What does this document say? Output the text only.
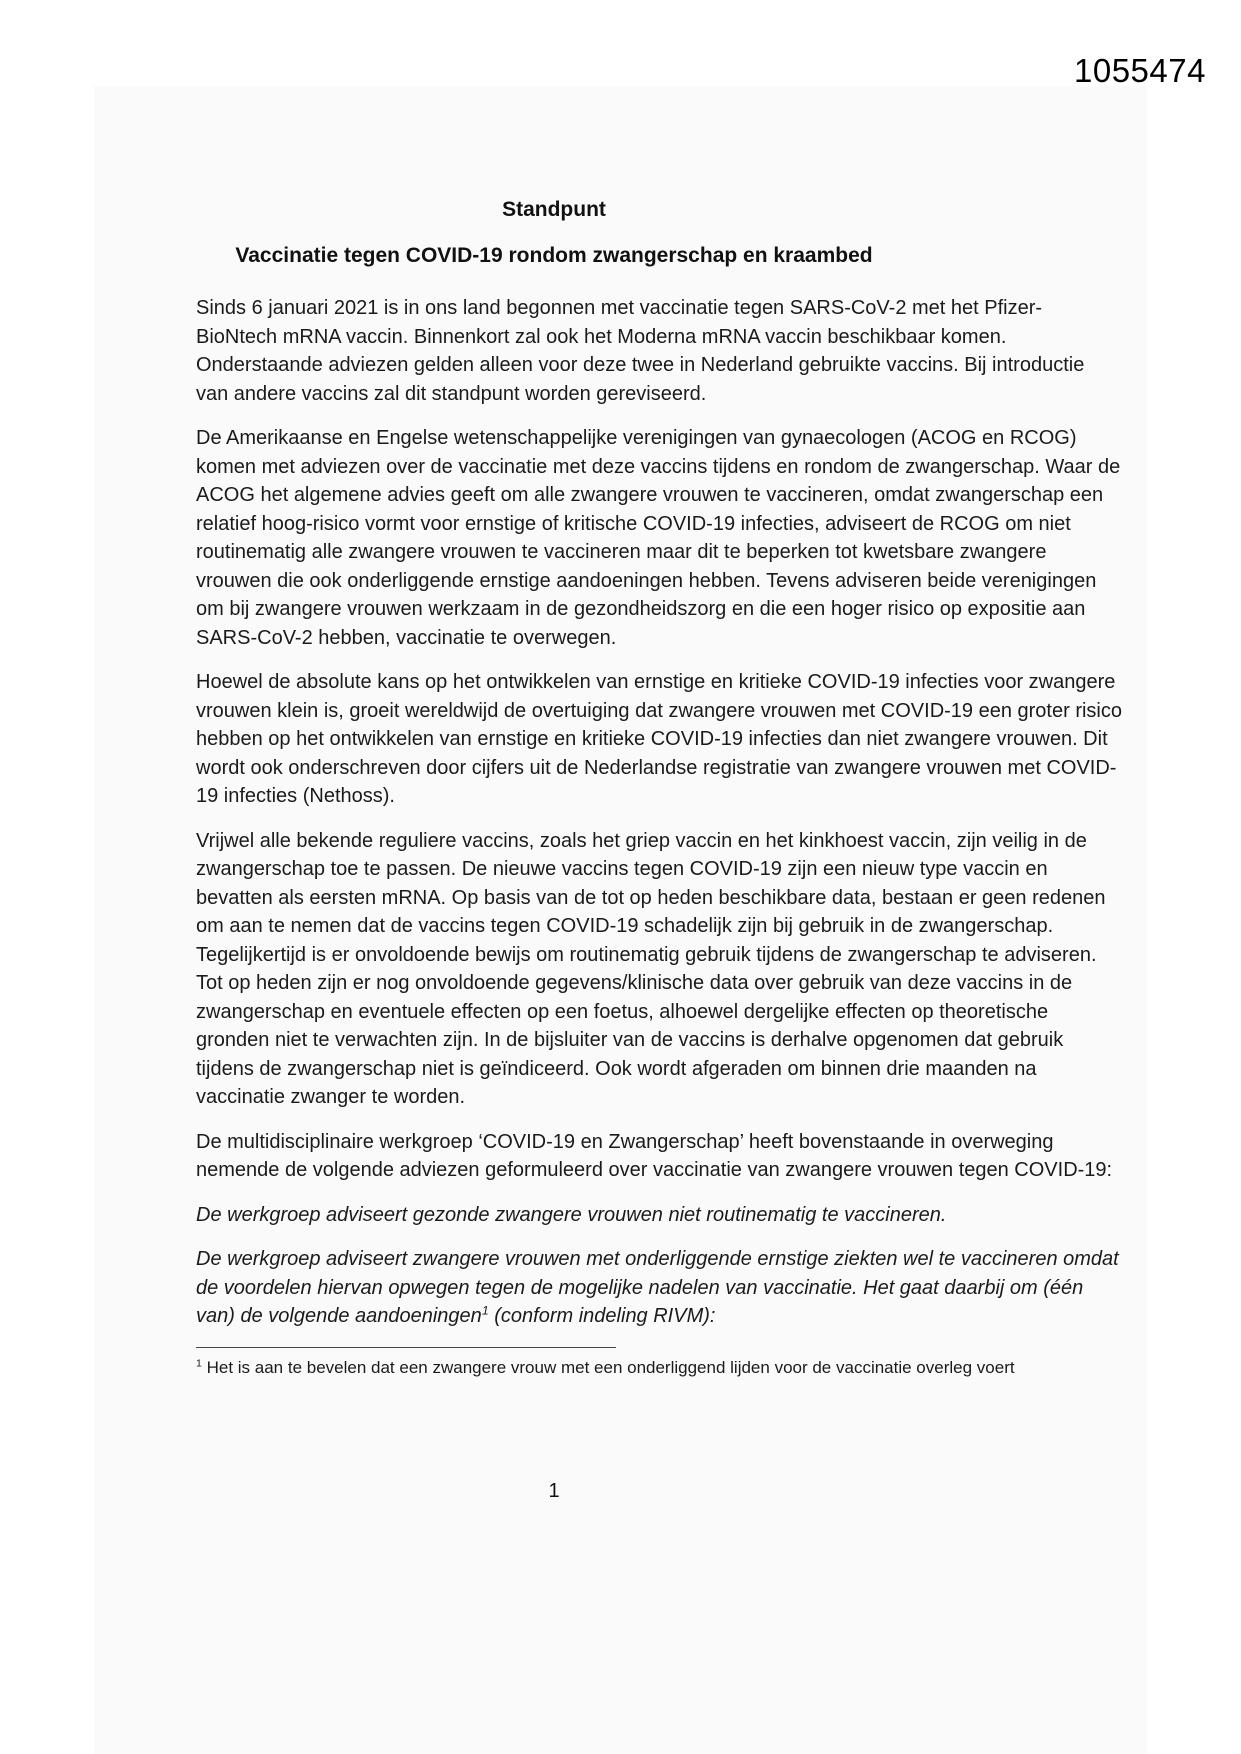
1055474
Standpunt
Vaccinatie tegen COVID-19 rondom zwangerschap en kraambed

Sinds 6 januari 2021 is in ons land begonnen met vaccinatie tegen SARS-CoV-2 met het Pfizer-BioNtech mRNA vaccin. Binnenkort zal ook het Moderna mRNA vaccin beschikbaar komen. Onderstaande adviezen gelden alleen voor deze twee in Nederland gebruikte vaccins. Bij introductie van andere vaccins zal dit standpunt worden gereviseerd.

De Amerikaanse en Engelse wetenschappelijke verenigingen van gynaecologen (ACOG en RCOG) komen met adviezen over de vaccinatie met deze vaccins tijdens en rondom de zwangerschap. Waar de ACOG het algemene advies geeft om alle zwangere vrouwen te vaccineren, omdat zwangerschap een relatief hoog-risico vormt voor ernstige of kritische COVID-19 infecties, adviseert de RCOG om niet routinematig alle zwangere vrouwen te vaccineren maar dit te beperken tot kwetsbare zwangere vrouwen die ook onderliggende ernstige aandoeningen hebben. Tevens adviseren beide verenigingen om bij zwangere vrouwen werkzaam in de gezondheidszorg en die een hoger risico op expositie aan SARS-CoV-2 hebben, vaccinatie te overwegen.

Hoewel de absolute kans op het ontwikkelen van ernstige en kritieke COVID-19 infecties voor zwangere vrouwen klein is, groeit wereldwijd de overtuiging dat zwangere vrouwen met COVID-19 een groter risico hebben op het ontwikkelen van ernstige en kritieke COVID-19 infecties dan niet zwangere vrouwen. Dit wordt ook onderschreven door cijfers uit de Nederlandse registratie van zwangere vrouwen met COVID-19 infecties (Nethoss).

Vrijwel alle bekende reguliere vaccins, zoals het griep vaccin en het kinkhoest vaccin, zijn veilig in de zwangerschap toe te passen. De nieuwe vaccins tegen COVID-19 zijn een nieuw type vaccin en bevatten als eersten mRNA. Op basis van de tot op heden beschikbare data, bestaan er geen redenen om aan te nemen dat de vaccins tegen COVID-19 schadelijk zijn bij gebruik in de zwangerschap. Tegelijkertijd is er onvoldoende bewijs om routinematig gebruik tijdens de zwangerschap te adviseren. Tot op heden zijn er nog onvoldoende gegevens/klinische data over gebruik van deze vaccins in de zwangerschap en eventuele effecten op een foetus, alhoewel dergelijke effecten op theoretische gronden niet te verwachten zijn. In de bijsluiter van de vaccins is derhalve opgenomen dat gebruik tijdens de zwangerschap niet is geïndiceerd. Ook wordt afgeraden om binnen drie maanden na vaccinatie zwanger te worden.

De multidisciplinaire werkgroep ‘COVID-19 en Zwangerschap’ heeft bovenstaande in overweging nemende de volgende adviezen geformuleerd over vaccinatie van zwangere vrouwen tegen COVID-19:

De werkgroep adviseert gezonde zwangere vrouwen niet routinematig te vaccineren.

De werkgroep adviseert zwangere vrouwen met onderliggende ernstige ziekten wel te vaccineren omdat de voordelen hiervan opwegen tegen de mogelijke nadelen van vaccinatie. Het gaat daarbij om (één van) de volgende aandoeningen$^1$ (conform indeling RIVM):

$^1$ Het is aan te bevelen dat een zwangere vrouw met een onderliggend lijden voor de vaccinatie overleg voert
1
